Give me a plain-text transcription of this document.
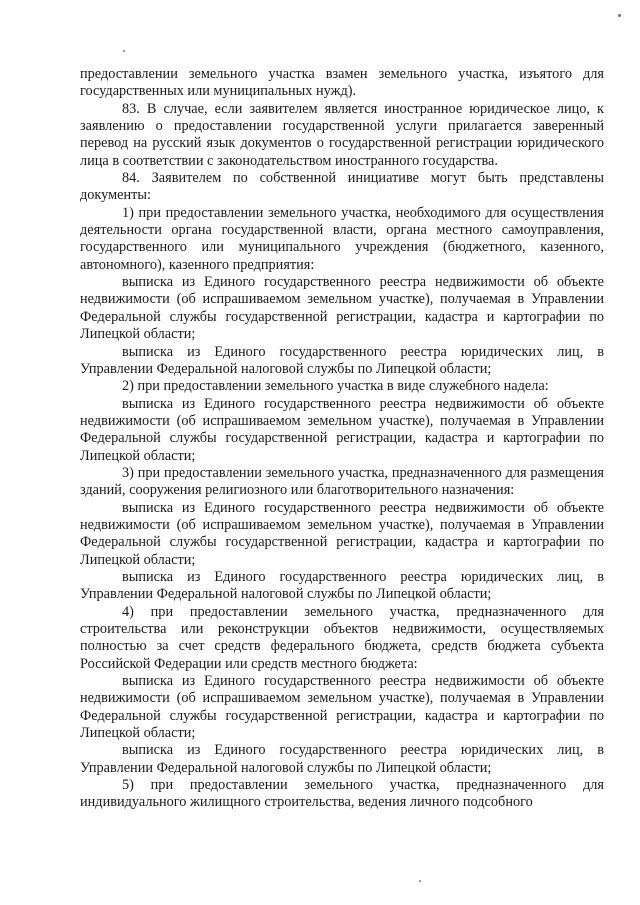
предоставлении земельного участка взамен земельного участка, изъятого для государственных или муниципальных нужд).

83. В случае, если заявителем является иностранное юридическое лицо, к заявлению о предоставлении государственной услуги прилагается заверенный перевод на русский язык документов о государственной регистрации юридического лица в соответствии с законодательством иностранного государства.

84. Заявителем по собственной инициативе могут быть представлены документы:

1) при предоставлении земельного участка, необходимого для осуществления деятельности органа государственной власти, органа местного самоуправления, государственного или муниципального учреждения (бюджетного, казенного, автономного), казенного предприятия:

выписка из Единого государственного реестра недвижимости об объекте недвижимости (об испрашиваемом земельном участке), получаемая в Управлении Федеральной службы государственной регистрации, кадастра и картографии по Липецкой области;

выписка из Единого государственного реестра юридических лиц, в Управлении Федеральной налоговой службы по Липецкой области;

2) при предоставлении земельного участка в виде служебного надела:

выписка из Единого государственного реестра недвижимости об объекте недвижимости (об испрашиваемом земельном участке), получаемая в Управлении Федеральной службы государственной регистрации, кадастра и картографии по Липецкой области;

3) при предоставлении земельного участка, предназначенного для размещения зданий, сооружения религиозного или благотворительного назначения:

выписка из Единого государственного реестра недвижимости об объекте недвижимости (об испрашиваемом земельном участке), получаемая в Управлении Федеральной службы государственной регистрации, кадастра и картографии по Липецкой области;

выписка из Единого государственного реестра юридических лиц, в Управлении Федеральной налоговой службы по Липецкой области;

4) при предоставлении земельного участка, предназначенного для строительства или реконструкции объектов недвижимости, осуществляемых полностью за счет средств федерального бюджета, средств бюджета субъекта Российской Федерации или средств местного бюджета:

выписка из Единого государственного реестра недвижимости об объекте недвижимости (об испрашиваемом земельном участке), получаемая в Управлении Федеральной службы государственной регистрации, кадастра и картографии по Липецкой области;

выписка из Единого государственного реестра юридических лиц, в Управлении Федеральной налоговой службы по Липецкой области;

5) при предоставлении земельного участка, предназначенного для индивидуального жилищного строительства, ведения личного подсобного
